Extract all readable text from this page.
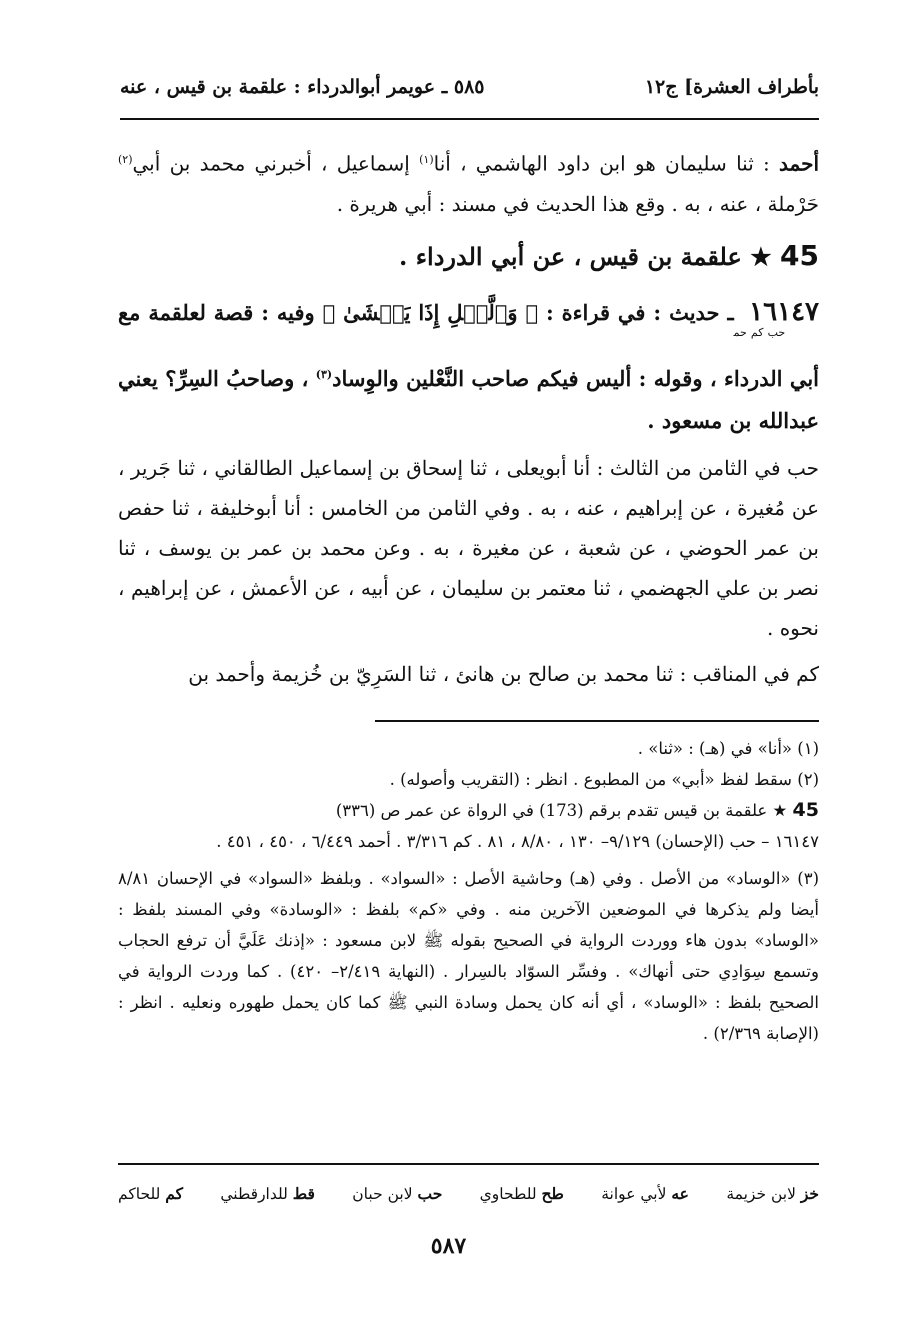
بأطراف العشرة] ج١٢
٥٨٥ ـ عويمر أبوالدرداء : علقمة بن قيس ، عنه

أحمد : ثنا سليمان هو ابن داود الهاشمي ، أنا$^{(١)}$ إسماعيل ، أخبرني محمد بن أبي$^{(٢)}$ حَرْملة ، عنه ، به . وقع هذا الحديث في مسند : أبي هريرة .

45 ★ علقمة بن قيس ، عن أبي الدرداء .

$١٦١٤٧_{حب كم حم}ـ$ حديث : في قراءة : ﴿ وَٱلَّيۡلِ إِذَا يَغۡشَىٰ ﴾ وفيه : قصة لعلقمة مع أبي الدرداء ، وقوله : أليس فيكم صاحب النَّعْلين والوِساد$^{(٣)}$ ، وصاحبُ السِرِّ؟ يعني عبدالله بن مسعود .

حب في الثامن من الثالث : أنا أبويعلى ، ثنا إسحاق بن إسماعيل الطالقاني ، ثنا جَرير ، عن مُغيرة ، عن إبراهيم ، عنه ، به . وفي الثامن من الخامس : أنا أبوخليفة ، ثنا حفص بن عمر الحوضي ، عن شعبة ، عن مغيرة ، به . وعن محمد بن عمر بن يوسف ، ثنا نصر بن علي الجهضمي ، ثنا معتمر بن سليمان ، عن أبيه ، عن الأعمش ، عن إبراهيم ، نحوه .

كم في المناقب : ثنا محمد بن صالح بن هانئ ، ثنا السَرِيّ بن خُزيمة وأحمد بن

(١) «أنا» في (هـ) : «ثنا» .

(٢) سقط لفظ «أبي» من المطبوع . انظر : (التقريب وأصوله) .

45 ★ علقمة بن قيس تقدم برقم (173) في الرواة عن عمر ص (٣٣٦)

١٦١٤٧ – حب (الإحسان) ٩/١٢٩– ١٣٠ ، ٨/٨٠ ، ٨١ . كم ٣/٣١٦ . أحمد ٦/٤٤٩ ، ٤٥٠ ، ٤٥١ .

(٣) «الوساد» من الأصل . وفي (هـ) وحاشية الأصل : «السواد» . وبلفظ «السواد» في الإحسان ٨/٨١ أيضا ولم يذكرها في الموضعين الآخرين منه . وفي «كم» بلفظ : «الوسادة» وفي المسند بلفظ : «الوساد» بدون هاء ووردت الرواية في الصحيح بقوله ﷺ لابن مسعود : «إذنك عَلَيَّ أن ترفع الحجاب وتسمع سِوَادِي حتى أنهاك» . وفسِّر السوّاد بالسِرار . (النهاية ٢/٤١٩– ٤٢٠) . كما وردت الرواية في الصحيح بلفظ : «الوساد» ، أي أنه كان يحمل وسادة النبي ﷺ كما كان يحمل طهوره ونعليه . انظر : (الإصابة ٢/٣٦٩) .

خز لابن خزيمة
عه لأبي عوانة
طح للطحاوي
حب لابن حبان
قط للدارقطني
كم للحاكم
٥٨٧
